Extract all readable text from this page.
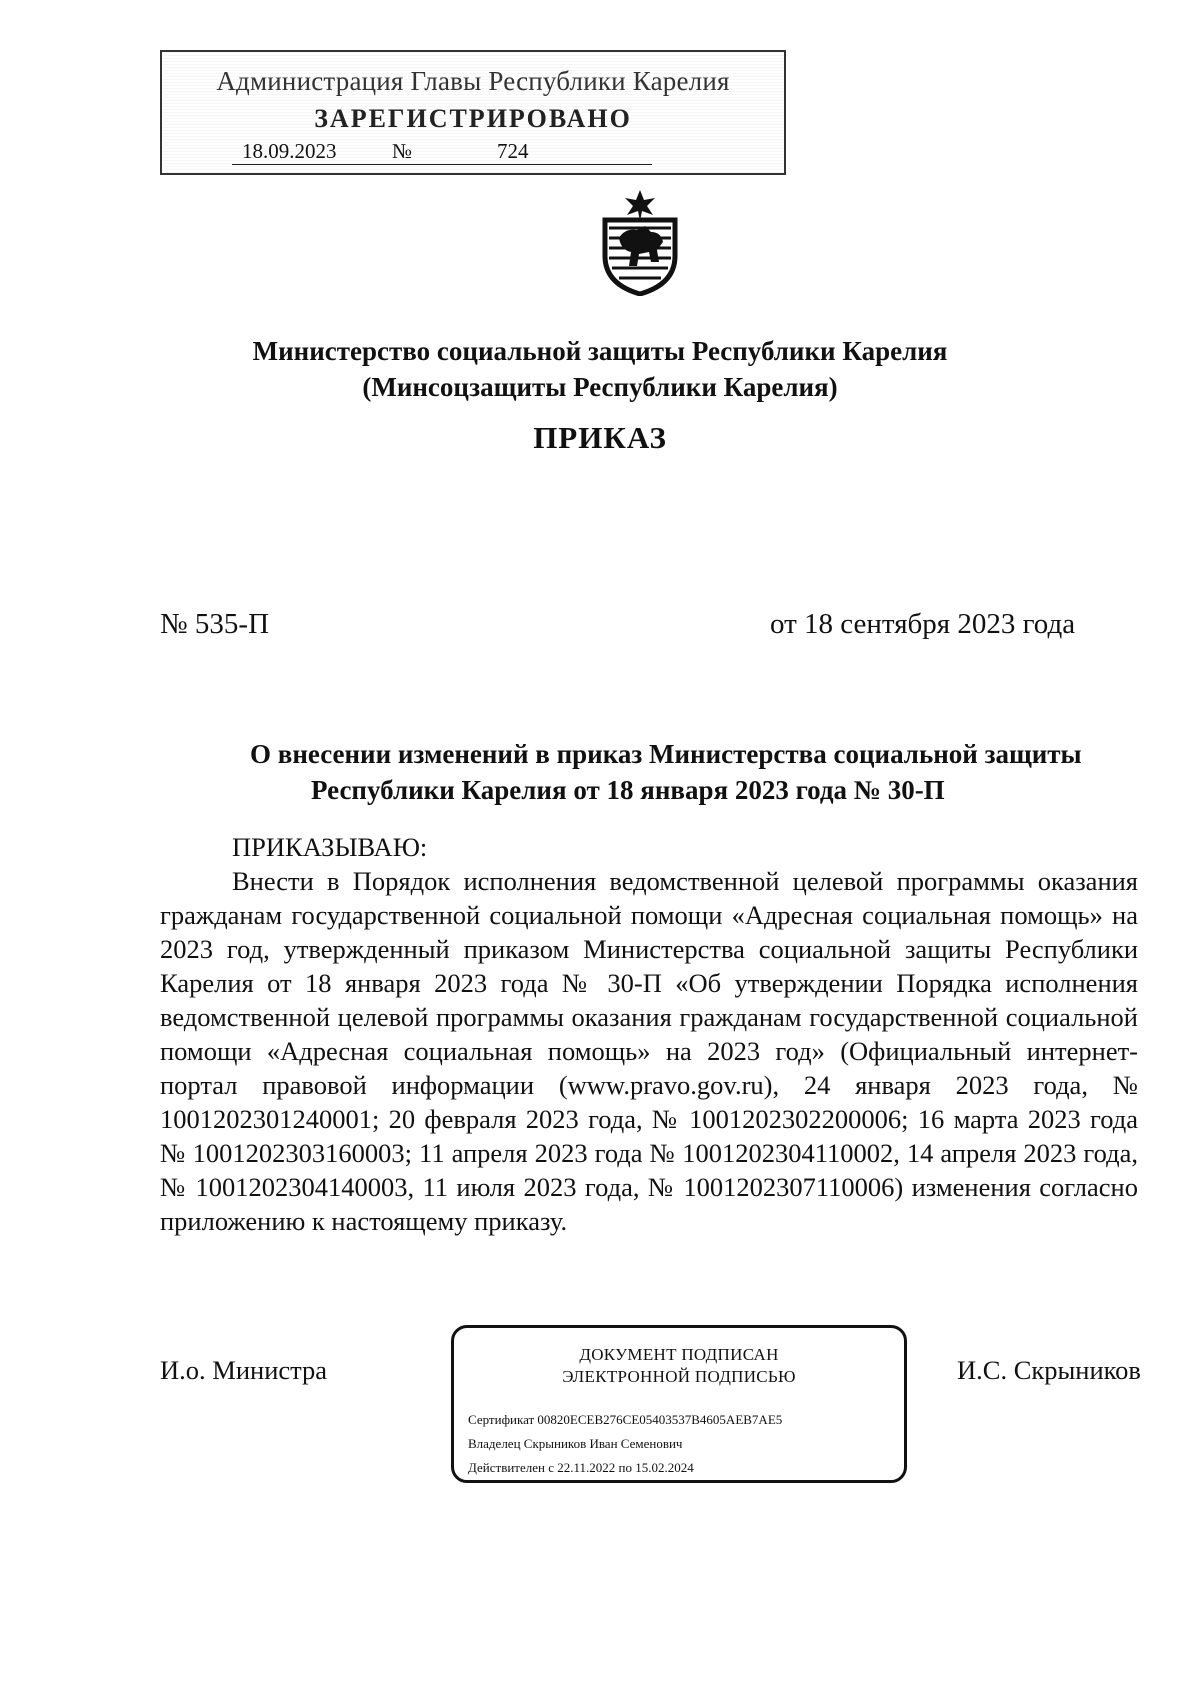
Администрация Главы Республики Карелия
ЗАРЕГИСТРИРОВАНО
18.09.2023	№	724
Министерство социальной защиты Республики Карелия
(Минсоцзащиты Республики Карелия)
ПРИКАЗ
№ 535-П	от 18 сентября 2023 года
О внесении изменений в приказ Министерства социальной защиты
Республики Карелия от 18 января 2023 года № 30-П
ПРИКАЗЫВАЮ:
Внести в Порядок исполнения ведомственной целевой программы оказания гражданам государственной социальной помощи «Адресная социальная помощь» на 2023 год, утвержденный приказом Министерства социальной защиты Республики Карелия от 18 января 2023 года № 30-П «Об утверждении Порядка исполнения ведомственной целевой программы оказания гражданам государственной социальной помощи «Адресная социальная помощь» на 2023 год» (Официальный интернет-портал правовой информации (www.pravo.gov.ru), 24 января 2023 года, № 1001202301240001; 20 февраля 2023 года, № 1001202302200006; 16 марта 2023 года № 1001202303160003; 11 апреля 2023 года № 1001202304110002, 14 апреля 2023 года, № 1001202304140003, 11 июля 2023 года, № 1001202307110006) изменения согласно приложению к настоящему приказу.
И.о. Министра
ДОКУМЕНТ ПОДПИСАН
ЭЛЕКТРОННОЙ ПОДПИСЬЮ
Сертификат 00820ECEB276CE05403537B4605AEB7AE5
Владелец Скрыников Иван Семенович
Действителен с 22.11.2022 по 15.02.2024
И.С. Скрыников
